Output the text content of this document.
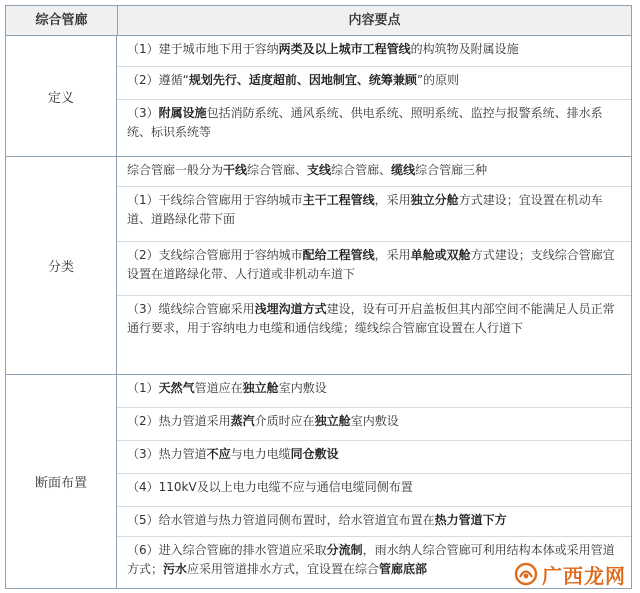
综合管廊	内容要点
定义
（1）建于城市地下用于容纳两类及以上城市工程管线的构筑物及附属设施
（2）遵循“规划先行、适度超前、因地制宜、统筹兼顾”的原则
（3）附属设施包括消防系统、通风系统、供电系统、照明系统、监控与报警系统、排水系统、标识系统等
分类
综合管廊一般分为干线综合管廊、支线综合管廊、缆线综合管廊三种
（1）干线综合管廊用于容纳城市主干工程管线，采用独立分舱方式建设；宜设置在机动车道、道路绿化带下面
（2）支线综合管廊用于容纳城市配给工程管线，采用单舱或双舱方式建设；支线综合管廊宜设置在道路绿化带、人行道或非机动车道下
（3）缆线综合管廊采用浅埋沟道方式建设，设有可开启盖板但其内部空间不能满足人员正常通行要求，用于容纳电力电缆和通信线缆；缆线综合管廊宜设置在人行道下
断面布置
（1）天然气管道应在独立舱室内敷设
（2）热力管道采用蒸汽介质时应在独立舱室内敷设
（3）热力管道不应与电力电缆同仓敷设
（4）110kV及以上电力电缆不应与通信电缆同侧布置
（5）给水管道与热力管道同侧布置时，给水管道宜布置在热力管道下方
（6）进入综合管廊的排水管道应采取分流制，雨水纳人综合管廊可利用结构本体或采用管道方式；污水应采用管道排水方式，宜设置在综合管廊底部	广西龙网
